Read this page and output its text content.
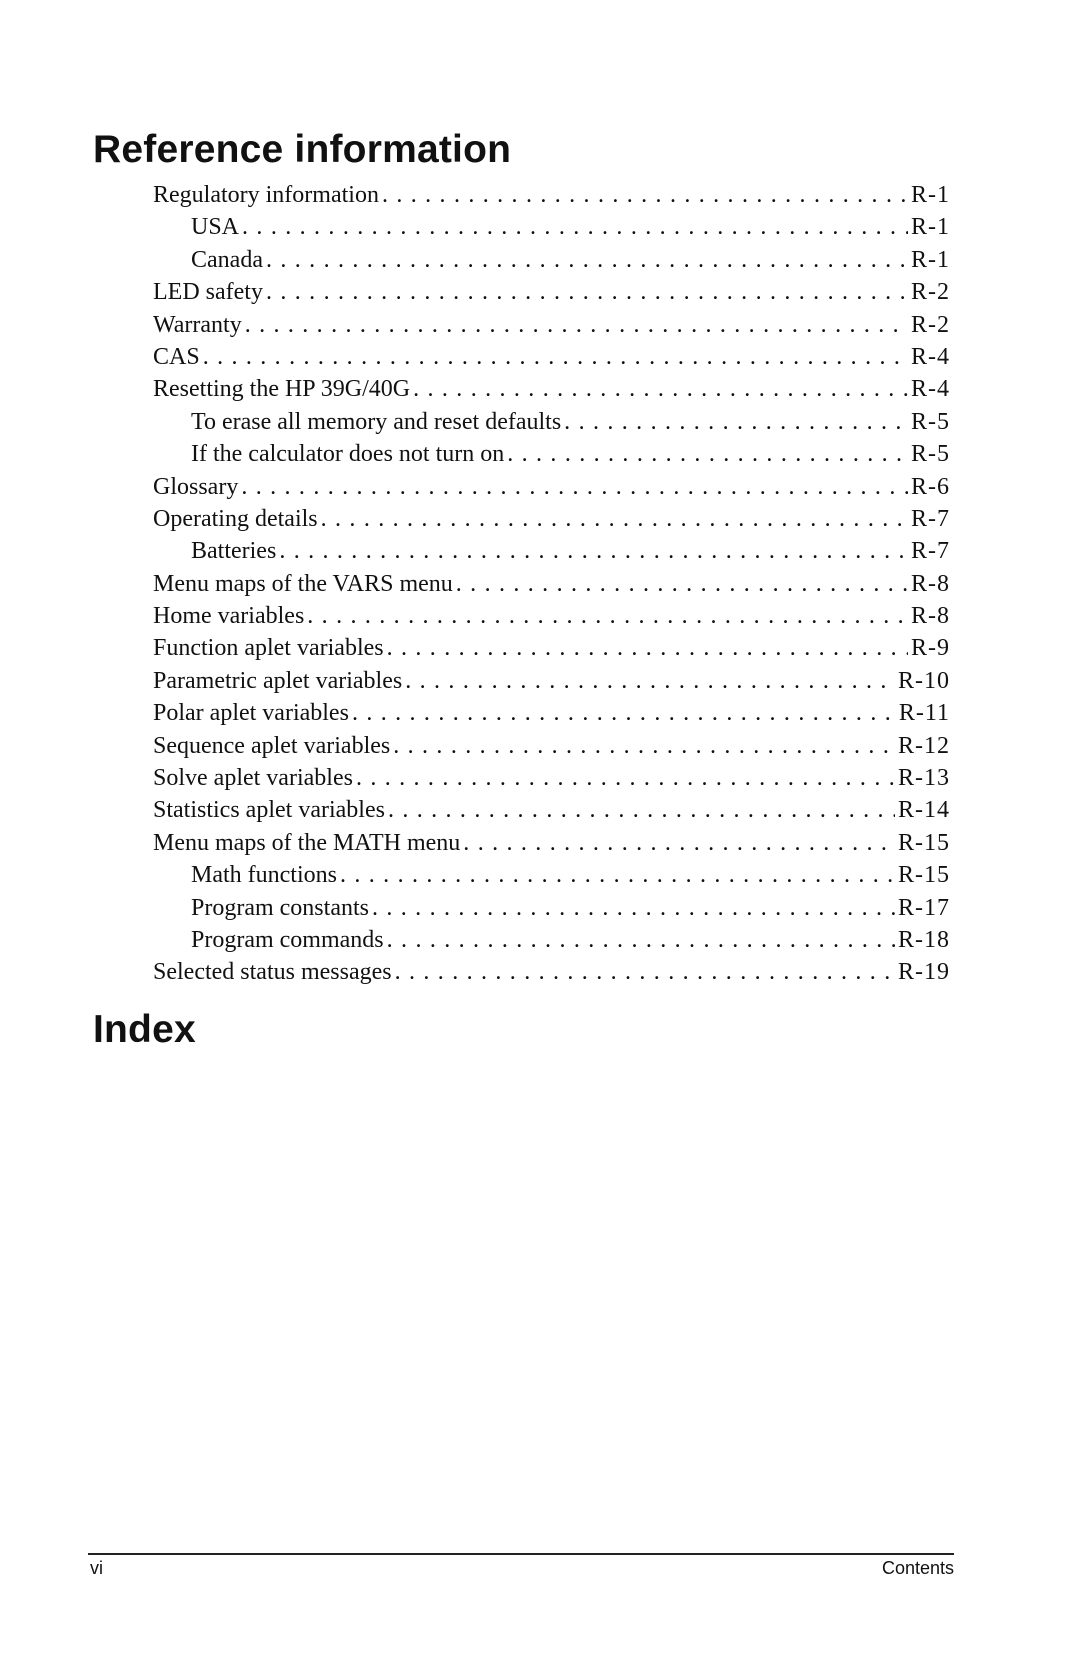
Reference information
Regulatory information . . .	R-1
USA . . .	R-1
Canada . . .	R-1
LED safety . . .	R-2
Warranty . . .	R-2
CAS . . .	R-4
Resetting the HP 39G/40G . . .	R-4
To erase all memory and reset defaults . . .	R-5
If the calculator does not turn on . . .	R-5
Glossary . . .	R-6
Operating details . . .	R-7
Batteries . . .	R-7
Menu maps of the VARS menu . . .	R-8
Home variables . . .	R-8
Function aplet variables . . .	R-9
Parametric aplet variables . . .	R-10
Polar aplet variables . . .	R-11
Sequence aplet variables . . .	R-12
Solve aplet variables . . .	R-13
Statistics aplet variables . . .	R-14
Menu maps of the MATH menu . . .	R-15
Math functions . . .	R-15
Program constants . . .	R-17
Program commands . . .	R-18
Selected status messages . . .	R-19
Index
vi	Contents
